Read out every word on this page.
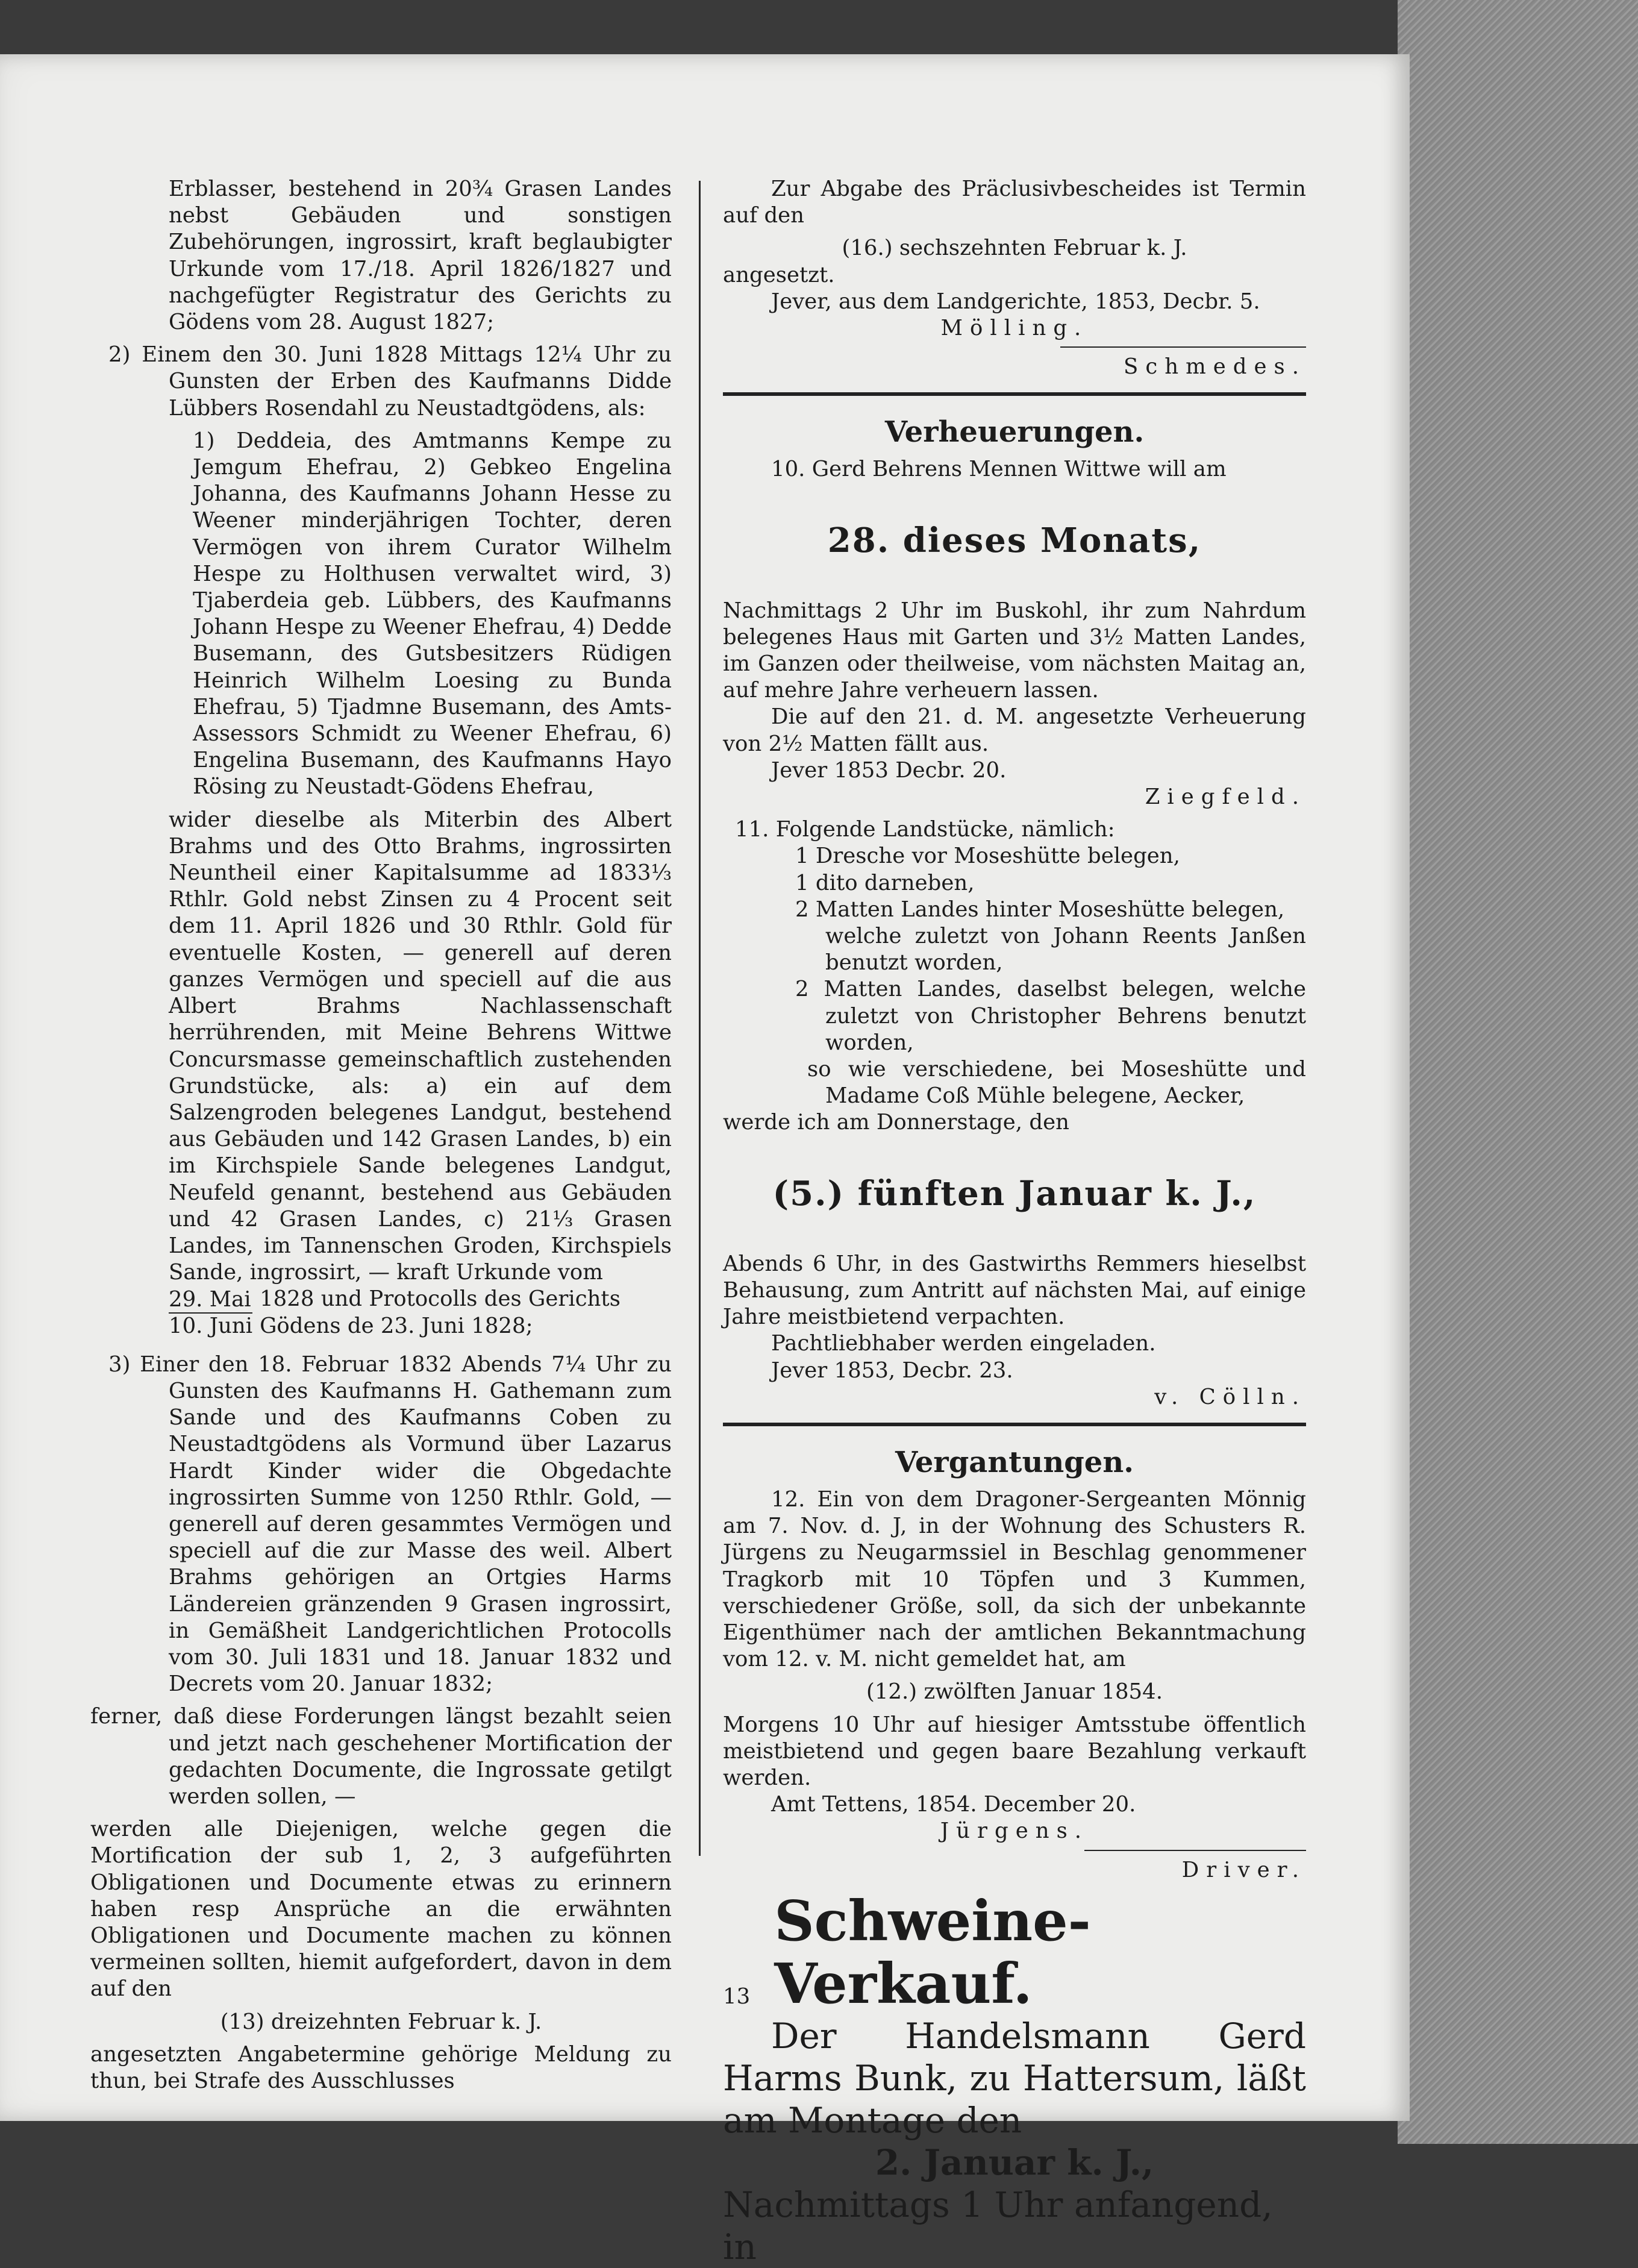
Erblasser, bestehend in 20¾ Grasen Landes nebst Gebäuden und sonstigen Zubehörungen, ingrossirt, kraft beglaubigter Urkunde vom 17./18. April 1826/1827 und nachgefügter Registratur des Gerichts zu Gödens vom 28. August 1827;

2) Einem den 30. Juni 1828 Mittags 12¼ Uhr zu Gunsten der Erben des Kaufmanns Didde Lübbers Rosendahl zu Neustadtgödens, als:

1) Deddeia, des Amtmanns Kempe zu Jemgum Ehefrau, 2) Gebkeo Engelina Johanna, des Kaufmanns Johann Hesse zu Weener minderjährigen Tochter, deren Vermögen von ihrem Curator Wilhelm Hespe zu Holthusen verwaltet wird, 3) Tjaberdeia geb. Lübbers, des Kaufmanns Johann Hespe zu Weener Ehefrau, 4) Dedde Busemann, des Gutsbesitzers Rüdigen Heinrich Wilhelm Loesing zu Bunda Ehefrau, 5) Tjadmne Busemann, des Amts-Assessors Schmidt zu Weener Ehefrau, 6) Engelina Busemann, des Kaufmanns Hayo Rösing zu Neustadt-Gödens Ehefrau,

wider dieselbe als Miterbin des Albert Brahms und des Otto Brahms, ingrossirten Neuntheil einer Kapitalsumme ad 1833⅓ Rthlr. Gold nebst Zinsen zu 4 Procent seit dem 11. April 1826 und 30 Rthlr. Gold für eventuelle Kosten, — generell auf deren ganzes Vermögen und speciell auf die aus Albert Brahms Nachlassenschaft herrührenden, mit Meine Behrens Wittwe Concursmasse gemeinschaftlich zustehenden Grundstücke, als: a) ein auf dem Salzengroden belegenes Landgut, bestehend aus Gebäuden und 142 Grasen Landes, b) ein im Kirchspiele Sande belegenes Landgut, Neufeld genannt, bestehend aus Gebäuden und 42 Grasen Landes, c) 21⅓ Grasen Landes, im Tannenschen Groden, Kirchspiels Sande, ingrossirt, — kraft Urkunde vom

29. Mai
10. Juni
1828 und Protocolls des Gerichts Gödens de 23. Juni 1828;

3) Einer den 18. Februar 1832 Abends 7¼ Uhr zu Gunsten des Kaufmanns H. Gathemann zum Sande und des Kaufmanns Coben zu Neustadtgödens als Vormund über Lazarus Hardt Kinder wider die Obgedachte ingrossirten Summe von 1250 Rthlr. Gold, — generell auf deren gesammtes Vermögen und speciell auf die zur Masse des weil. Albert Brahms gehörigen an Ortgies Harms Ländereien gränzenden 9 Grasen ingrossirt, in Gemäßheit Landgerichtlichen Protocolls vom 30. Juli 1831 und 18. Januar 1832 und Decrets vom 20. Januar 1832;

ferner, daß diese Forderungen längst bezahlt seien und jetzt nach geschehener Mortification der gedachten Documente, die Ingrossate getilgt werden sollen, —

werden alle Diejenigen, welche gegen die Mortification der sub 1, 2, 3 aufgeführten Obligationen und Documente etwas zu erinnern haben resp Ansprüche an die erwähnten Obligationen und Documente machen zu können vermeinen sollten, hiemit aufgefordert, davon in dem auf den

(13) dreizehnten Februar k. J.

angesetzten Angabetermine gehörige Meldung zu thun, bei Strafe des Ausschlusses

Zur Abgabe des Präclusivbescheides ist Termin auf den

(16.) sechszehnten Februar k. J.

angesetzt.

Jever, aus dem Landgerichte, 1853, Decbr. 5.

Mölling.

Schmedes.

Verheuerungen.

10. Gerd Behrens Mennen Wittwe will am

28. dieses Monats,

Nachmittags 2 Uhr im Buskohl, ihr zum Nahrdum belegenes Haus mit Garten und 3½ Matten Landes, im Ganzen oder theilweise, vom nächsten Maitag an, auf mehre Jahre verheuern lassen.

Die auf den 21. d. M. angesetzte Verheuerung von 2½ Matten fällt aus.

Jever 1853 Decbr. 20.

Ziegfeld.

11. Folgende Landstücke, nämlich:

1 Dresche vor Moseshütte belegen,

1 dito darneben,

2 Matten Landes hinter Moseshütte belegen,

welche zuletzt von Johann Reents Janßen benutzt worden,

2 Matten Landes, daselbst belegen, welche zuletzt von Christopher Behrens benutzt worden,

so wie verschiedene, bei Moseshütte und Madame Coß Mühle belegene, Aecker,

werde ich am Donnerstage, den

(5.) fünften Januar k. J.,

Abends 6 Uhr, in des Gastwirths Remmers hieselbst Behausung, zum Antritt auf nächsten Mai, auf einige Jahre meistbietend verpachten.

Pachtliebhaber werden eingeladen.

Jever 1853, Decbr. 23.

v. Cölln.

Vergantungen.

12. Ein von dem Dragoner-Sergeanten Mönnig am 7. Nov. d. J, in der Wohnung des Schusters R. Jürgens zu Neugarmssiel in Beschlag genommener Tragkorb mit 10 Töpfen und 3 Kummen, verschiedener Größe, soll, da sich der unbekannte Eigenthümer nach der amtlichen Bekanntmachung vom 12. v. M. nicht gemeldet hat, am

(12.) zwölften Januar 1854.

Morgens 10 Uhr auf hiesiger Amtsstube öffentlich meistbietend und gegen baare Bezahlung verkauft werden.

Amt Tettens, 1854. December 20.

Jürgens.

Driver.

13
Schweine-Verkauf.

Der Handelsmann Gerd Harms Bunk, zu Hattersum, läßt am Montage den

2. Januar k. J.,

Nachmittags 1 Uhr anfangend, in
